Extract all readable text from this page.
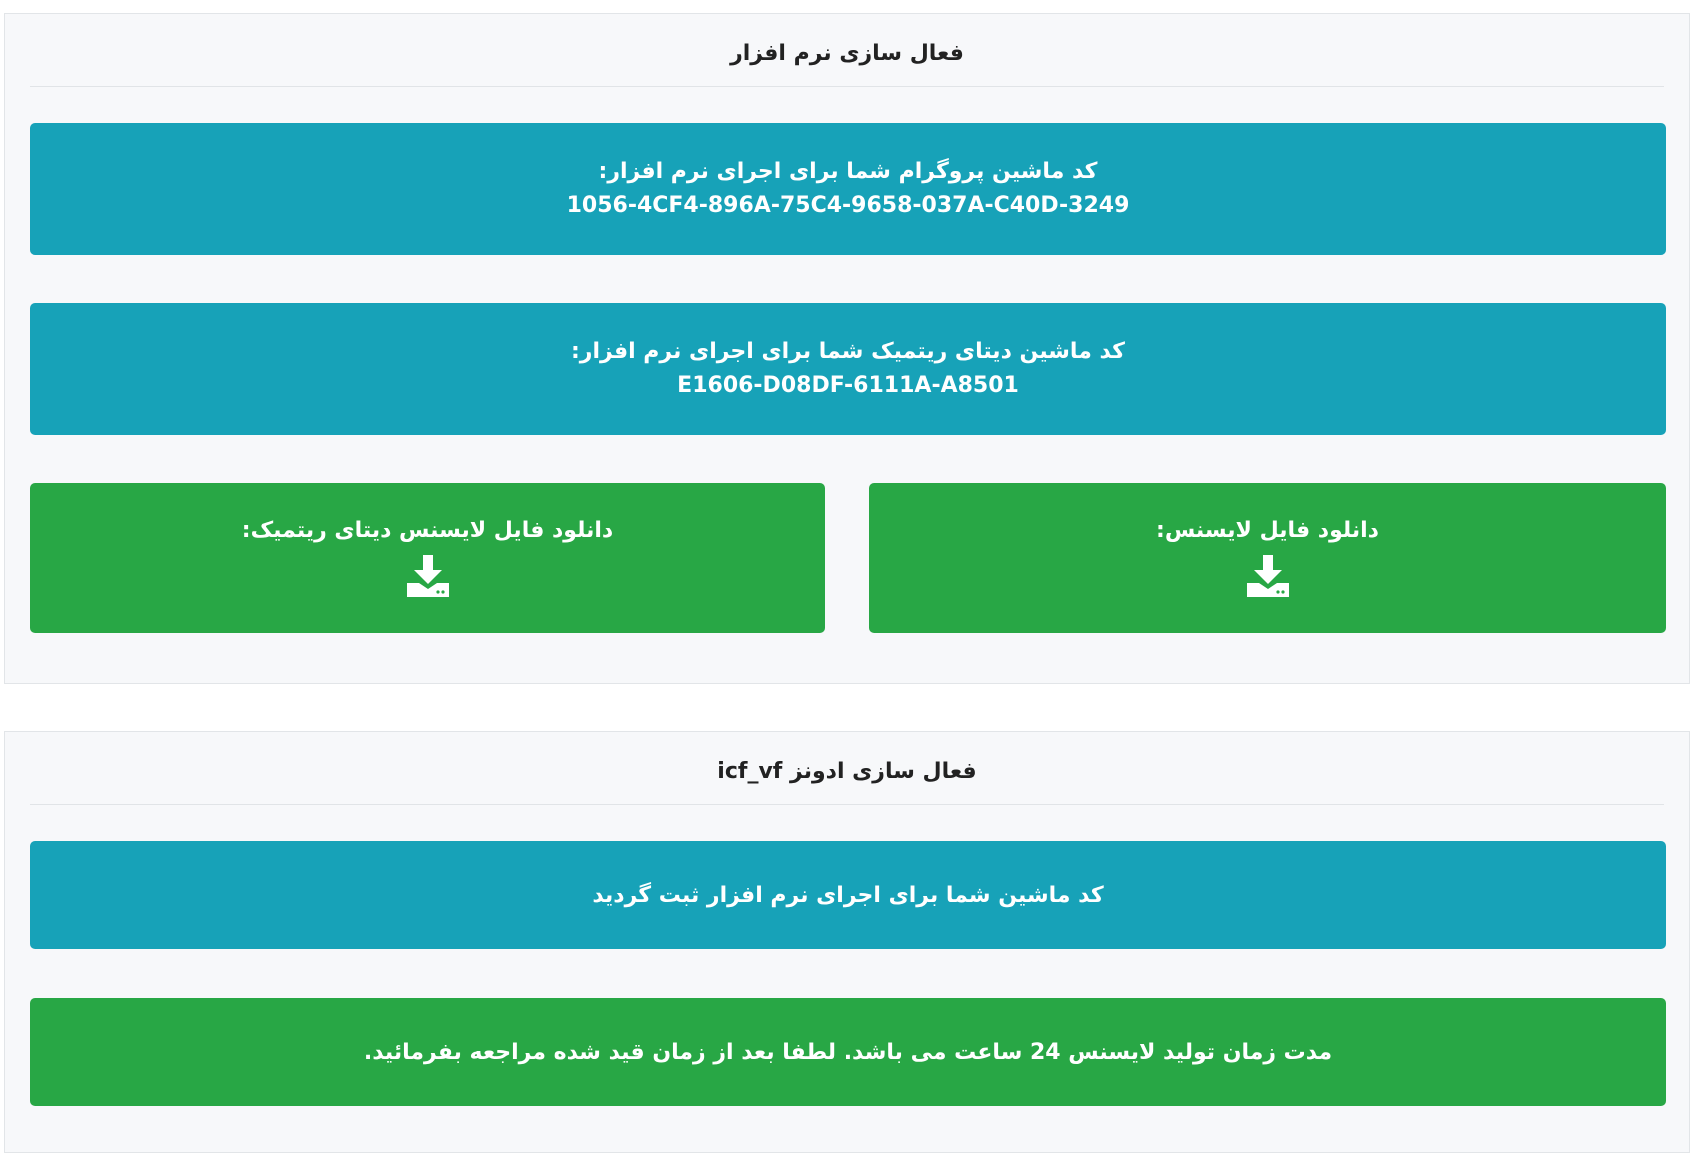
فعال سازی نرم افزار
کد ماشین پروگرام شما برای اجرای نرم افزار:
1056-4CF4-896A-75C4-9658-037A-C40D-3249
کد ماشین دیتای ریتمیک شما برای اجرای نرم افزار:
E1606-D08DF-6111A-A8501
دانلود فایل لایسنس دیتای ریتمیک:	دانلود فایل لایسنس:
فعال سازی ادونز icf_vf
کد ماشین شما برای اجرای نرم افزار ثبت گردید
مدت زمان تولید لایسنس 24 ساعت می باشد. لطفا بعد از زمان قید شده مراجعه بفرمائید.
